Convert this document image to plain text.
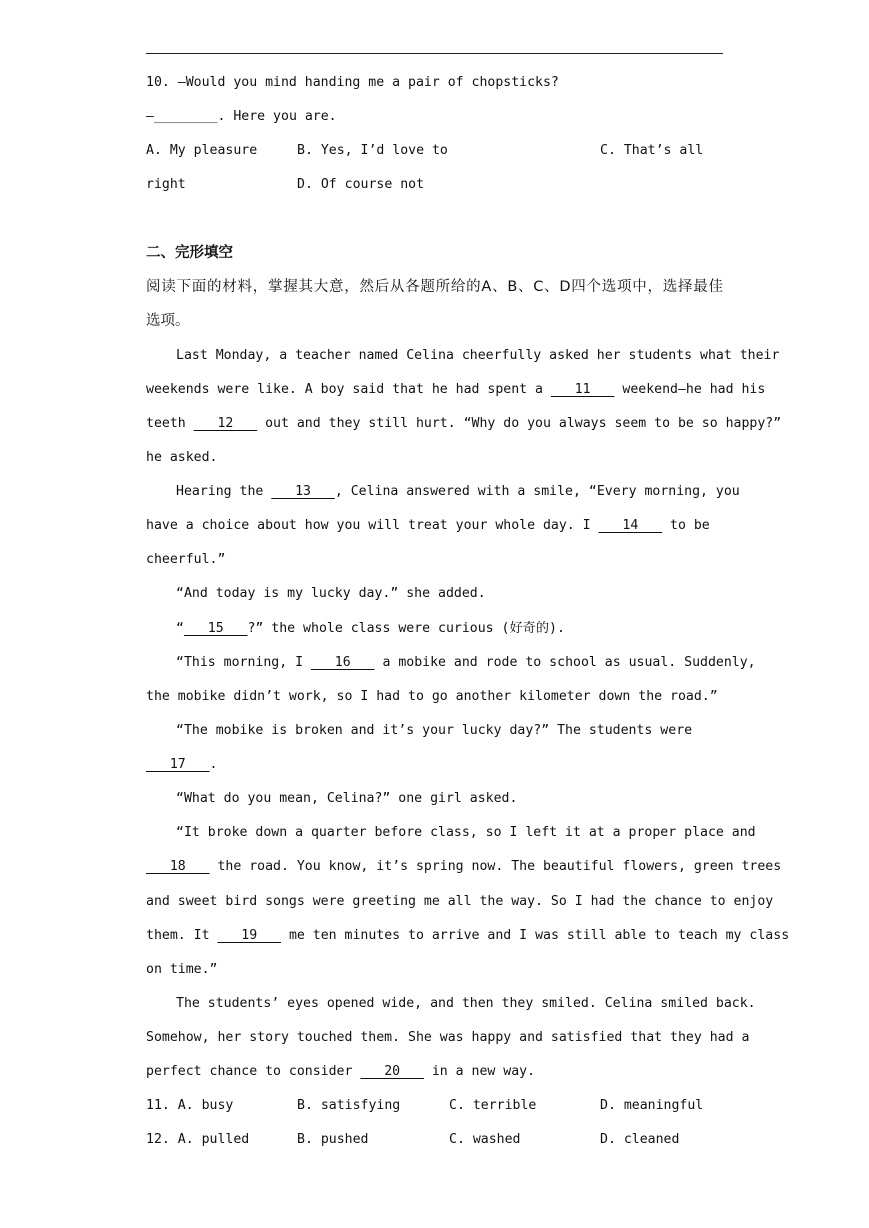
10. —Would you mind handing me a pair of chopsticks?
—________. Here you are.
A. My pleasure	B. Yes, I’d love to	C. That’s all
right	D. Of course not
二、完形填空
阅读下面的材料，掌握其大意，然后从各题所给的A、B、C、D四个选项中，选择最佳
选项。
Last Monday, a teacher named Celina cheerfully asked her students what their
weekends were like. A boy said that he had spent a    11    weekend—he had his
teeth    12    out and they still hurt. “Why do you always seem to be so happy?”
he asked.
Hearing the    13   , Celina answered with a smile, “Every morning, you
have a choice about how you will treat your whole day. I    14    to be
cheerful.”
“And today is my lucky day.” she added.
“   15   ?” the whole class were curious (好奇的).
“This morning, I    16    a mobike and rode to school as usual. Suddenly,
the mobike didn’t work, so I had to go another kilometer down the road.”
“The mobike is broken and it’s your lucky day?” The students were
17   .
“What do you mean, Celina?” one girl asked.
“It broke down a quarter before class, so I left it at a proper place and
18    the road. You know, it’s spring now. The beautiful flowers, green trees
and sweet bird songs were greeting me all the way. So I had the chance to enjoy
them. It    19    me ten minutes to arrive and I was still able to teach my class
on time.”
The students’ eyes opened wide, and then they smiled. Celina smiled back.
Somehow, her story touched them. She was happy and satisfied that they had a
perfect chance to consider    20    in a new way.
11. A. busy	B. satisfying	C. terrible	D. meaningful
12. A. pulled	B. pushed	C. washed	D. cleaned
